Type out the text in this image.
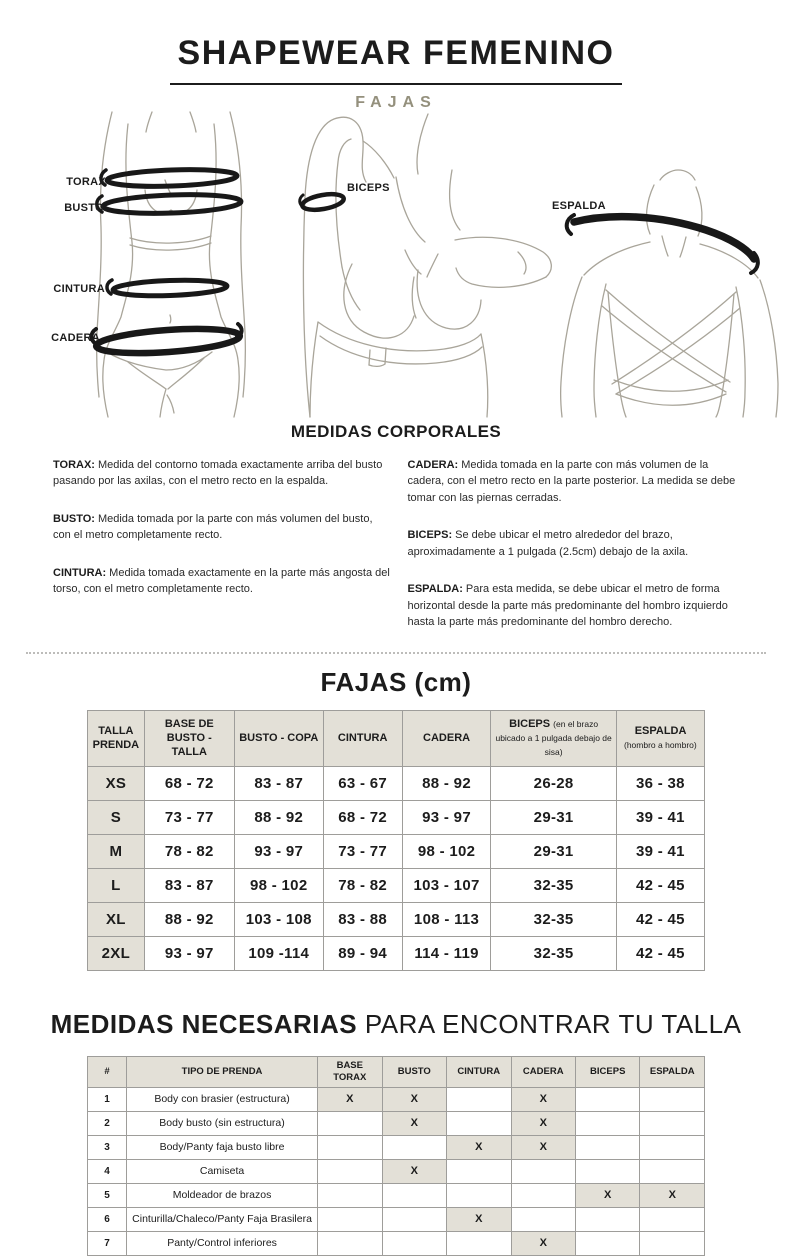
SHAPEWEAR FEMENINO
FAJAS
TORAX
BUSTO
CINTURA
CADERA
BICEPS
ESPALDA
MEDIDAS CORPORALES

TORAX: Medida del contorno tomada exactamente arriba del busto pasando por las axilas, con el metro recto en la espalda.

BUSTO: Medida tomada por la parte con más volumen del busto, con el metro completamente recto.

CINTURA: Medida tomada exactamente en la parte más angosta del torso, con el metro completamente recto.

CADERA: Medida tomada en la parte con más volumen de la cadera, con el metro recto en la parte posterior. La medida se debe tomar con las piernas cerradas.

BICEPS: Se debe ubicar el metro alrededor del brazo, aproximadamente a 1 pulgada (2.5cm) debajo de la axila.

ESPALDA: Para esta medida, se debe ubicar el metro de forma horizontal desde la parte más predominante del hombro izquierdo hasta la parte más predominante del hombro derecho.

FAJAS (cm)
TALLA PRENDA	BASE DE BUSTO - TALLA	BUSTO - COPA	CINTURA	CADERA	BICEPS (en el brazo ubicado a 1 pulgada debajo de sisa)	ESPALDA (hombro a hombro)
XS	68 - 72	83 - 87	63 - 67	88 - 92	26-28	36 - 38
S	73 - 77	88 - 92	68 - 72	93 - 97	29-31	39 - 41
M	78 - 82	93 - 97	73 - 77	98 - 102	29-31	39 - 41
L	83 - 87	98 - 102	78 - 82	103 - 107	32-35	42 - 45
XL	88 - 92	103 - 108	83 - 88	108 - 113	32-35	42 - 45
2XL	93 - 97	109 -114	89 - 94	114 - 119	32-35	42 - 45
MEDIDAS NECESARIAS PARA ENCONTRAR TU TALLA
#	TIPO DE PRENDA	BASE TORAX	BUSTO	CINTURA	CADERA	BICEPS	ESPALDA
1	Body con brasier (estructura)	X	X		X		
2	Body busto (sin estructura)		X		X		
3	Body/Panty faja busto libre			X	X		
4	Camiseta		X				
5	Moldeador de brazos					X	X
6	Cinturilla/Chaleco/Panty Faja Brasilera			X			
7	Panty/Control inferiores				X		
